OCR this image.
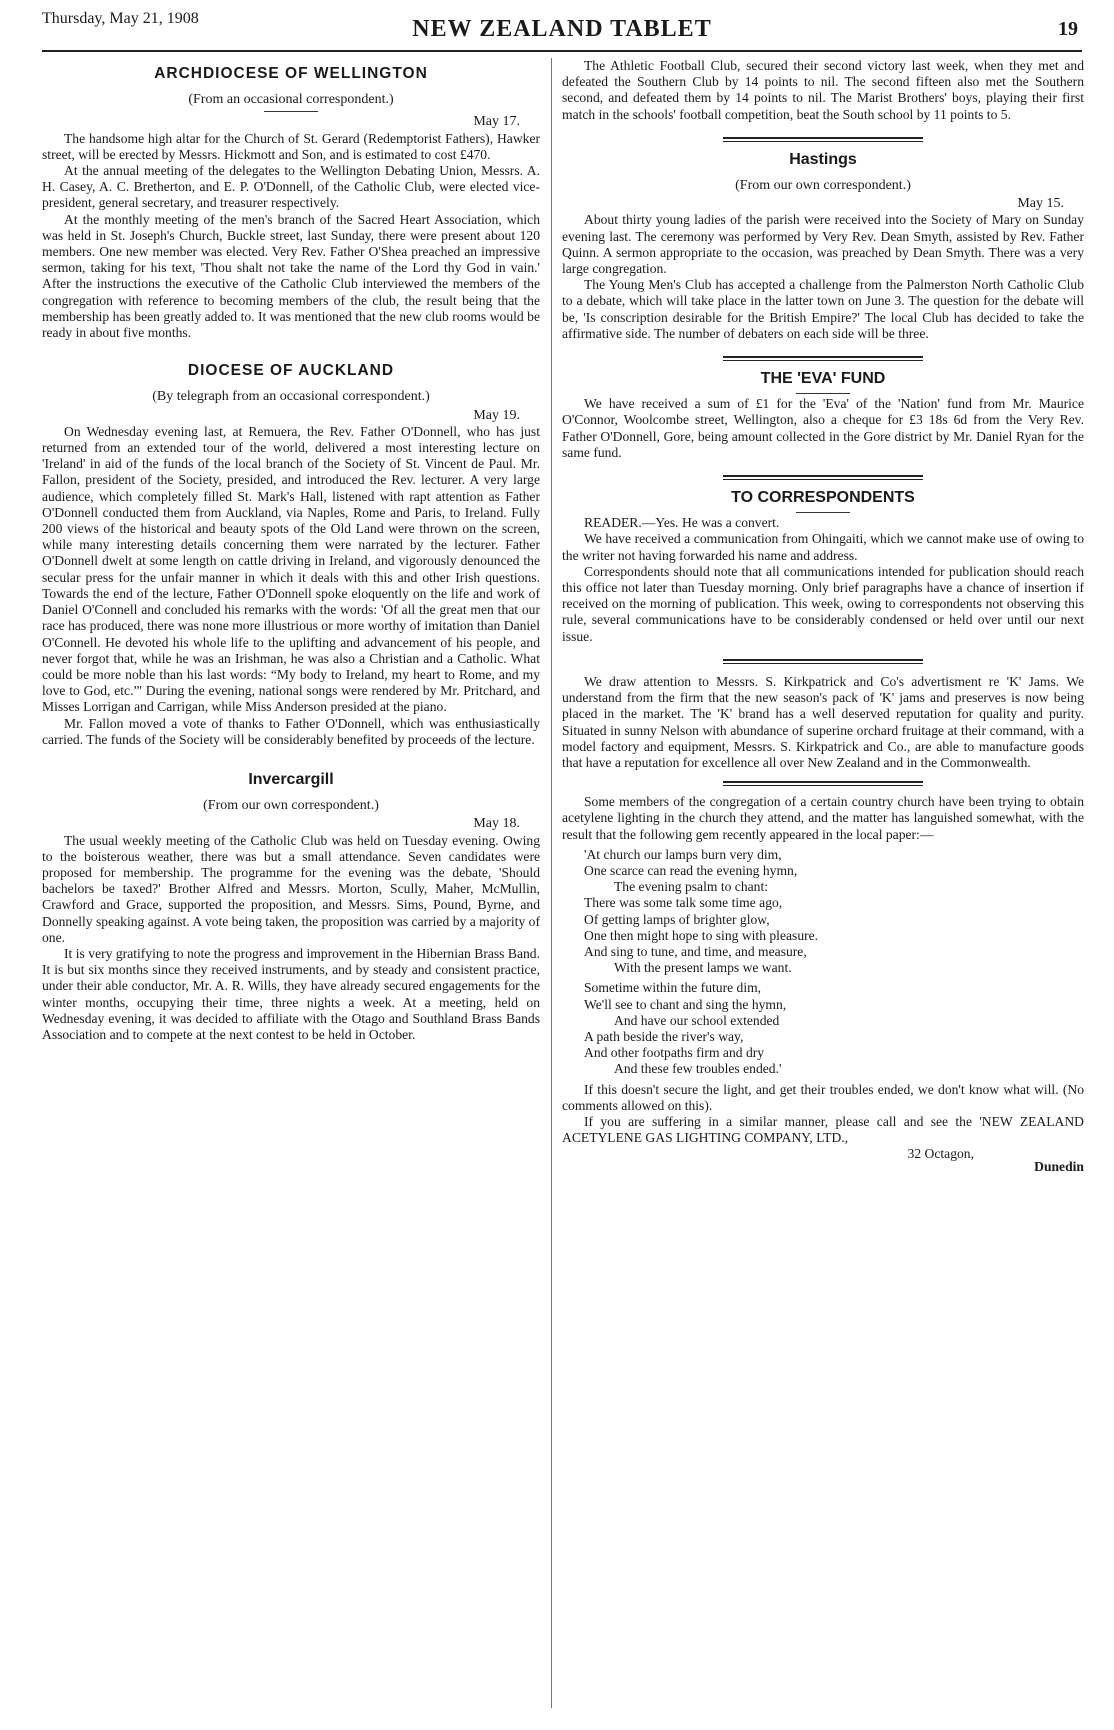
Thursday, May 21, 1908	NEW ZEALAND TABLET	19
ARCHDIOCESE OF WELLINGTON
(From an occasional correspondent.)
May 17.

The handsome high altar for the Church of St. Gerard (Redemptorist Fathers), Hawker street, will be erected by Messrs. Hickmott and Son, and is estimated to cost £470.

At the annual meeting of the delegates to the Wellington Debating Union, Messrs. A. H. Casey, A. C. Bretherton, and E. P. O'Donnell, of the Catholic Club, were elected vice-president, general secretary, and treasurer respectively.

At the monthly meeting of the men's branch of the Sacred Heart Association, which was held in St. Joseph's Church, Buckle street, last Sunday, there were present about 120 members. One new member was elected. Very Rev. Father O'Shea preached an impressive sermon, taking for his text, 'Thou shalt not take the name of the Lord thy God in vain.' After the instructions the executive of the Catholic Club interviewed the members of the congregation with reference to becoming members of the club, the result being that the membership has been greatly added to. It was mentioned that the new club rooms would be ready in about five months.

DIOCESE OF AUCKLAND
(By telegraph from an occasional correspondent.)
May 19.

On Wednesday evening last, at Remuera, the Rev. Father O'Donnell, who has just returned from an extended tour of the world, delivered a most interesting lecture on 'Ireland' in aid of the funds of the local branch of the Society of St. Vincent de Paul. Mr. Fallon, president of the Society, presided, and introduced the Rev. lecturer. A very large audience, which completely filled St. Mark's Hall, listened with rapt attention as Father O'Donnell conducted them from Auckland, via Naples, Rome and Paris, to Ireland. Fully 200 views of the historical and beauty spots of the Old Land were thrown on the screen, while many interesting details concerning them were narrated by the lecturer. Father O'Donnell dwelt at some length on cattle driving in Ireland, and vigorously denounced the secular press for the unfair manner in which it deals with this and other Irish questions. Towards the end of the lecture, Father O'Donnell spoke eloquently on the life and work of Daniel O'Connell and concluded his remarks with the words: 'Of all the great men that our race has produced, there was none more illustrious or more worthy of imitation than Daniel O'Connell. He devoted his whole life to the uplifting and advancement of his people, and never forgot that, while he was an Irishman, he was also a Christian and a Catholic. What could be more noble than his last words: “My body to Ireland, my heart to Rome, and my love to God, etc.”' During the evening, national songs were rendered by Mr. Pritchard, and Misses Lorrigan and Carrigan, while Miss Anderson presided at the piano.

Mr. Fallon moved a vote of thanks to Father O'Donnell, which was enthusiastically carried. The funds of the Society will be considerably benefited by proceeds of the lecture.

Invercargill
(From our own correspondent.)
May 18.

The usual weekly meeting of the Catholic Club was held on Tuesday evening. Owing to the boisterous weather, there was but a small attendance. Seven candidates were proposed for membership. The programme for the evening was the debate, 'Should bachelors be taxed?' Brother Alfred and Messrs. Morton, Scully, Maher, McMullin, Crawford and Grace, supported the proposition, and Messrs. Sims, Pound, Byrne, and Donnelly speaking against. A vote being taken, the proposition was carried by a majority of one.

It is very gratifying to note the progress and improvement in the Hibernian Brass Band. It is but six months since they received instruments, and by steady and consistent practice, under their able conductor, Mr. A. R. Wills, they have already secured engagements for the winter months, occupying their time, three nights a week. At a meeting, held on Wednesday evening, it was decided to affiliate with the Otago and Southland Brass Bands Association and to compete at the next contest to be held in October.

The Athletic Football Club, secured their second victory last week, when they met and defeated the Southern Club by 14 points to nil. The second fifteen also met the Southern second, and defeated them by 14 points to nil. The Marist Brothers' boys, playing their first match in the schools' football competition, beat the South school by 11 points to 5.

Hastings
(From our own correspondent.)
May 15.

About thirty young ladies of the parish were received into the Society of Mary on Sunday evening last. The ceremony was performed by Very Rev. Dean Smyth, assisted by Rev. Father Quinn. A sermon appropriate to the occasion, was preached by Dean Smyth. There was a very large congregation.

The Young Men's Club has accepted a challenge from the Palmerston North Catholic Club to a debate, which will take place in the latter town on June 3. The question for the debate will be, 'Is conscription desirable for the British Empire?' The local Club has decided to take the affirmative side. The number of debaters on each side will be three.

THE 'EVA' FUND

We have received a sum of £1 for the 'Eva' of the 'Nation' fund from Mr. Maurice O'Connor, Woolcombe street, Wellington, also a cheque for £3 18s 6d from the Very Rev. Father O'Donnell, Gore, being amount collected in the Gore district by Mr. Daniel Ryan for the same fund.

TO CORRESPONDENTS

READER.—Yes. He was a convert.

We have received a communication from Ohingaiti, which we cannot make use of owing to the writer not having forwarded his name and address.

Correspondents should note that all communications intended for publication should reach this office not later than Tuesday morning. Only brief paragraphs have a chance of insertion if received on the morning of publication. This week, owing to correspondents not observing this rule, several communications have to be considerably condensed or held over until our next issue.

We draw attention to Messrs. S. Kirkpatrick and Co's advertisment re 'K' Jams. We understand from the firm that the new season's pack of 'K' jams and preserves is now being placed in the market. The 'K' brand has a well deserved reputation for quality and purity. Situated in sunny Nelson with abundance of superine orchard fruitage at their command, with a model factory and equipment, Messrs. S. Kirkpatrick and Co., are able to manufacture goods that have a reputation for excellence all over New Zealand and in the Commonwealth.

Some members of the congregation of a certain country church have been trying to obtain acetylene lighting in the church they attend, and the matter has languished somewhat, with the result that the following gem recently appeared in the local paper:—

'At church our lamps burn very dim,
One scarce can read the evening hymn,
The evening psalm to chant:
There was some talk some time ago,
Of getting lamps of brighter glow,
One then might hope to sing with pleasure.
And sing to tune, and time, and measure,
With the present lamps we want.
Sometime within the future dim,
We'll see to chant and sing the hymn,
And have our school extended
A path beside the river's way,
And other footpaths firm and dry
And these few troubles ended.'

If this doesn't secure the light, and get their troubles ended, we don't know what will. (No comments allowed on this).

If you are suffering in a similar manner, please call and see the 'NEW ZEALAND ACETYLENE GAS LIGHTING COMPANY, LTD.,

32 Octagon,
Dunedin
